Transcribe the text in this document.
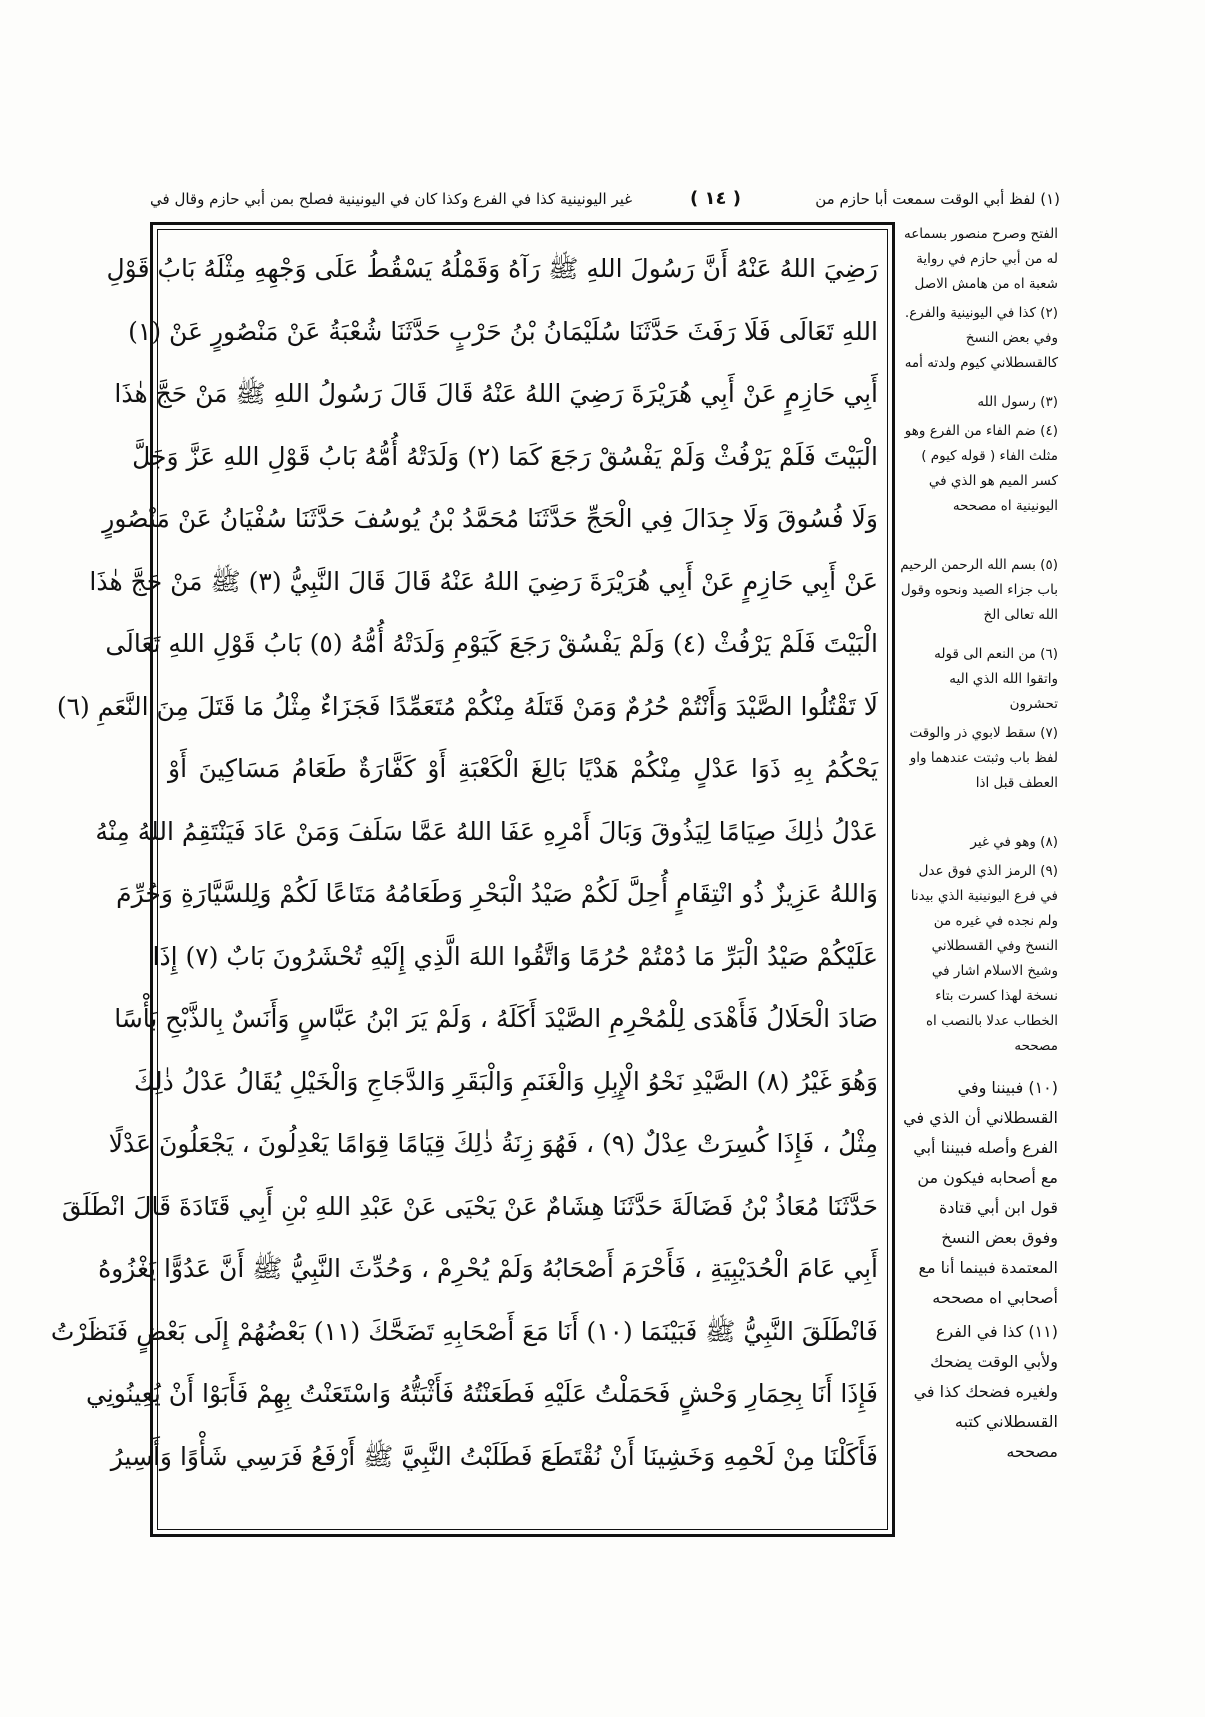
(١) لفظ أبي الوقت سمعت أبا حازم من
( ١٤ )
غير اليونينية كذا في الفرع وكذا كان في اليونينية فصلح بمن أبي حازم وقال في
رَضِيَ اللهُ عَنْهُ أَنَّ رَسُولَ اللهِ ﷺ رَآهُ وَقَمْلُهُ يَسْقُطُ عَلَى وَجْهِهِ مِثْلَهُ بَابُ قَوْلِ
اللهِ تَعَالَى فَلَا رَفَثَ حَدَّثَنَا سُلَيْمَانُ بْنُ حَرْبٍ حَدَّثَنَا شُعْبَةُ عَنْ مَنْصُورٍ عَنْ (١)
أَبِي حَازِمٍ عَنْ أَبِي هُرَيْرَةَ رَضِيَ اللهُ عَنْهُ قَالَ قَالَ رَسُولُ اللهِ ﷺ مَنْ حَجَّ هٰذَا
الْبَيْتَ فَلَمْ يَرْفُثْ وَلَمْ يَفْسُقْ رَجَعَ كَمَا (٢) وَلَدَتْهُ أُمُّهُ بَابُ قَوْلِ اللهِ عَزَّ وَجَلَّ
وَلَا فُسُوقَ وَلَا جِدَالَ فِي الْحَجِّ حَدَّثَنَا مُحَمَّدُ بْنُ يُوسُفَ حَدَّثَنَا سُفْيَانُ عَنْ مَنْصُورٍ
عَنْ أَبِي حَازِمٍ عَنْ أَبِي هُرَيْرَةَ رَضِيَ اللهُ عَنْهُ قَالَ قَالَ النَّبِيُّ (٣) ﷺ مَنْ حَجَّ هٰذَا
الْبَيْتَ فَلَمْ يَرْفُثْ (٤) وَلَمْ يَفْسُقْ رَجَعَ كَيَوْمِ وَلَدَتْهُ أُمُّهُ (٥) بَابُ قَوْلِ اللهِ تَعَالَى
لَا تَقْتُلُوا الصَّيْدَ وَأَنْتُمْ حُرُمٌ وَمَنْ قَتَلَهُ مِنْكُمْ مُتَعَمِّدًا فَجَزَاءٌ مِثْلُ مَا قَتَلَ مِنَ النَّعَمِ (٦)
يَحْكُمُ بِهِ ذَوَا عَدْلٍ مِنْكُمْ هَدْيًا بَالِغَ الْكَعْبَةِ أَوْ كَفَّارَةٌ طَعَامُ مَسَاكِينَ أَوْ
عَدْلُ ذٰلِكَ صِيَامًا لِيَذُوقَ وَبَالَ أَمْرِهِ عَفَا اللهُ عَمَّا سَلَفَ وَمَنْ عَادَ فَيَنْتَقِمُ اللهُ مِنْهُ
وَاللهُ عَزِيزٌ ذُو انْتِقَامٍ أُحِلَّ لَكُمْ صَيْدُ الْبَحْرِ وَطَعَامُهُ مَتَاعًا لَكُمْ وَلِلسَّيَّارَةِ وَحُرِّمَ
عَلَيْكُمْ صَيْدُ الْبَرِّ مَا دُمْتُمْ حُرُمًا وَاتَّقُوا اللهَ الَّذِي إِلَيْهِ تُحْشَرُونَ بَابٌ (٧) إِذَا
صَادَ الْحَلَالُ فَأَهْدَى لِلْمُحْرِمِ الصَّيْدَ أَكَلَهُ ، وَلَمْ يَرَ ابْنُ عَبَّاسٍ وَأَنَسٌ بِالذَّبْحِ بَأْسًا
وَهُوَ غَيْرُ (٨) الصَّيْدِ نَحْوُ الْإِبِلِ وَالْغَنَمِ وَالْبَقَرِ وَالدَّجَاجِ وَالْخَيْلِ يُقَالُ عَدْلُ ذٰلِكَ
مِثْلُ ، فَإِذَا كُسِرَتْ عِدْلٌ (٩) ، فَهُوَ زِنَةُ ذٰلِكَ قِيَامًا قِوَامًا يَعْدِلُونَ ، يَجْعَلُونَ عَدْلًا
حَدَّثَنَا مُعَاذُ بْنُ فَضَالَةَ حَدَّثَنَا هِشَامٌ عَنْ يَحْيَى عَنْ عَبْدِ اللهِ بْنِ أَبِي قَتَادَةَ قَالَ انْطَلَقَ
أَبِي عَامَ الْحُدَيْبِيَةِ ، فَأَحْرَمَ أَصْحَابُهُ وَلَمْ يُحْرِمْ ، وَحُدِّثَ النَّبِيُّ ﷺ أَنَّ عَدُوًّا يَغْزُوهُ
فَانْطَلَقَ النَّبِيُّ ﷺ فَبَيْنَمَا (١٠) أَنَا مَعَ أَصْحَابِهِ تَضَحَّكَ (١١) بَعْضُهُمْ إِلَى بَعْضٍ فَنَظَرْتُ
فَإِذَا أَنَا بِحِمَارِ وَحْشٍ فَحَمَلْتُ عَلَيْهِ فَطَعَنْتُهُ فَأَثْبَتُّهُ وَاسْتَعَنْتُ بِهِمْ فَأَبَوْا أَنْ يُعِينُونِي
فَأَكَلْنَا مِنْ لَحْمِهِ وَخَشِينَا أَنْ نُقْتَطَعَ فَطَلَبْتُ النَّبِيَّ ﷺ أَرْفَعُ فَرَسِي شَأْوًا وَأَسِيرُ
الفتح وصرح منصور بسماعه له من أبي حازم في رواية شعبة اه من هامش الاصل
(٢) كذا في اليونينية والفرع. وفي بعض النسخ كالقسطلاني كيوم ولدته أمه
(٣) رسول الله
(٤) ضم الفاء من الفرع وهو مثلث الفاء ( قوله كيوم ) كسر الميم هو الذي في اليونينية اه مصححه
(٥) بسم الله الرحمن الرحيم باب جزاء الصيد ونحوه وقول الله تعالى الخ
(٦) من النعم الى قوله واتقوا الله الذي اليه تحشرون
(٧) سقط لابوي ذر والوقت لفظ باب وثبتت عندهما واو العطف قبل اذا
(٨) وهو في غير
(٩) الرمز الذي فوق عدل في فرع اليونينية الذي بيدنا ولم نجده في غيره من النسخ وفي القسطلاني وشيخ الاسلام اشار في نسخة لهذا كسرت بتاء الخطاب عدلا بالنصب اه مصححه
(١٠) فبيننا وفي القسطلاني أن الذي في الفرع وأصله فبيننا أبي مع أصحابه فيكون من قول ابن أبي قتادة وفوق بعض النسخ المعتمدة فبينما أنا مع أصحابي اه مصححه
(١١) كذا في الفرع ولأبي الوقت يضحك ولغيره فضحك كذا في القسطلاني كتبه مصححه
